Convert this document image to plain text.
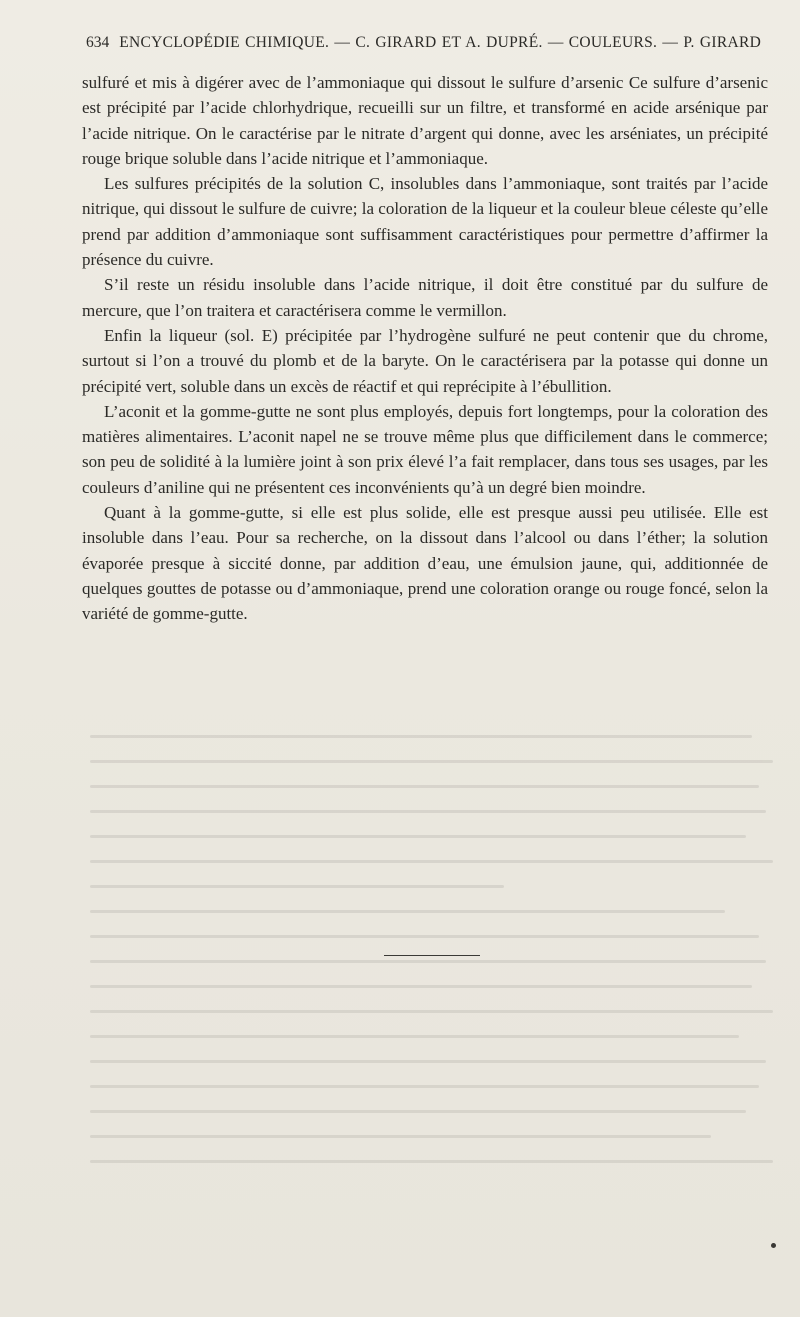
634 ENCYCLOPÉDIE CHIMIQUE. — C. GIRARD ET A. DUPRÉ. — COULEURS. — P. GIRARD

sulfuré et mis à digérer avec de l’ammoniaque qui dissout le sulfure d’arsenic Ce sulfure d’arsenic est précipité par l’acide chlorhydrique, recueilli sur un filtre, et transformé en acide arsénique par l’acide nitrique. On le caractérise par le nitrate d’argent qui donne, avec les arséniates, un précipité rouge brique soluble dans l’acide nitrique et l’ammoniaque.

Les sulfures précipités de la solution C, insolubles dans l’ammoniaque, sont traités par l’acide nitrique, qui dissout le sulfure de cuivre; la coloration de la liqueur et la couleur bleue céleste qu’elle prend par addition d’ammoniaque sont suffisamment caractéristiques pour permettre d’affirmer la présence du cuivre.

S’il reste un résidu insoluble dans l’acide nitrique, il doit être constitué par du sulfure de mercure, que l’on traitera et caractérisera comme le vermillon.

Enfin la liqueur (sol. E) précipitée par l’hydrogène sulfuré ne peut contenir que du chrome, surtout si l’on a trouvé du plomb et de la baryte. On le caractérisera par la potasse qui donne un précipité vert, soluble dans un excès de réactif et qui reprécipite à l’ébullition.

L’aconit et la gomme-gutte ne sont plus employés, depuis fort longtemps, pour la coloration des matières alimentaires. L’aconit napel ne se trouve même plus que difficilement dans le commerce; son peu de solidité à la lumière joint à son prix élevé l’a fait remplacer, dans tous ses usages, par les couleurs d’aniline qui ne présentent ces inconvénients qu’à un degré bien moindre.

Quant à la gomme-gutte, si elle est plus solide, elle est presque aussi peu utilisée. Elle est insoluble dans l’eau. Pour sa recherche, on la dissout dans l’alcool ou dans l’éther; la solution évaporée presque à siccité donne, par addition d’eau, une émulsion jaune, qui, additionnée de quelques gouttes de potasse ou d’ammoniaque, prend une coloration orange ou rouge foncé, selon la variété de gomme-gutte.
